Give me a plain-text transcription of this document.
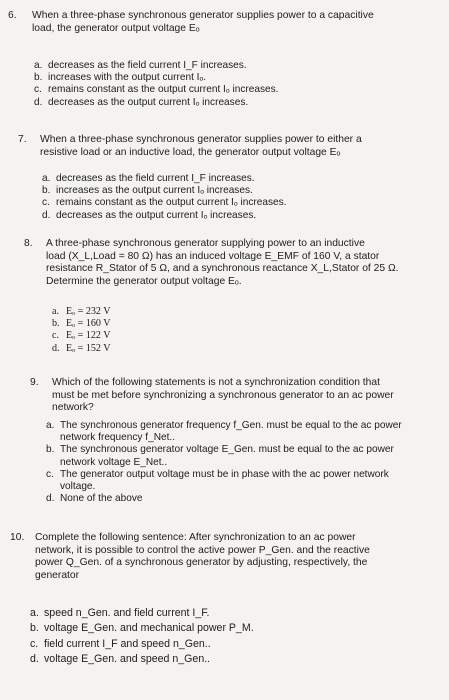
6. When a three-phase synchronous generator supplies power to a capacitive
load, the generator output voltage Eₒ
a. decreases as the field current I_F increases.
b. increases with the output current Iₒ.
c. remains constant as the output current Iₒ increases.
d. decreases as the output current Iₒ increases.
7. When a three-phase synchronous generator supplies power to either a
resistive load or an inductive load, the generator output voltage Eₒ
a. decreases as the field current I_F increases.
b. increases as the output current Iₒ increases.
c. remains constant as the output current Iₒ increases.
d. decreases as the output current Iₒ increases.
8. A three-phase synchronous generator supplying power to an inductive
load (X_L,Load = 80 Ω) has an induced voltage E_EMF of 160 V, a stator
resistance R_Stator of 5 Ω, and a synchronous reactance X_L,Stator of 25 Ω.
Determine the generator output voltage Eₒ.
a. Eₒ = 232 V
b. Eₒ = 160 V
c. Eₒ = 122 V
d. Eₒ = 152 V
9. Which of the following statements is not a synchronization condition that
must be met before synchronizing a synchronous generator to an ac power
network?
a. The synchronous generator frequency f_Gen. must be equal to the ac power network frequency f_Net..
b. The synchronous generator voltage E_Gen. must be equal to the ac power network voltage E_Net..
c. The generator output voltage must be in phase with the ac power network voltage.
d. None of the above
10. Complete the following sentence: After synchronization to an ac power
network, it is possible to control the active power P_Gen. and the reactive
power Q_Gen. of a synchronous generator by adjusting, respectively, the
generator
a. speed n_Gen. and field current I_F.
b. voltage E_Gen. and mechanical power P_M.
c. field current I_F and speed n_Gen..
d. voltage E_Gen. and speed n_Gen..
